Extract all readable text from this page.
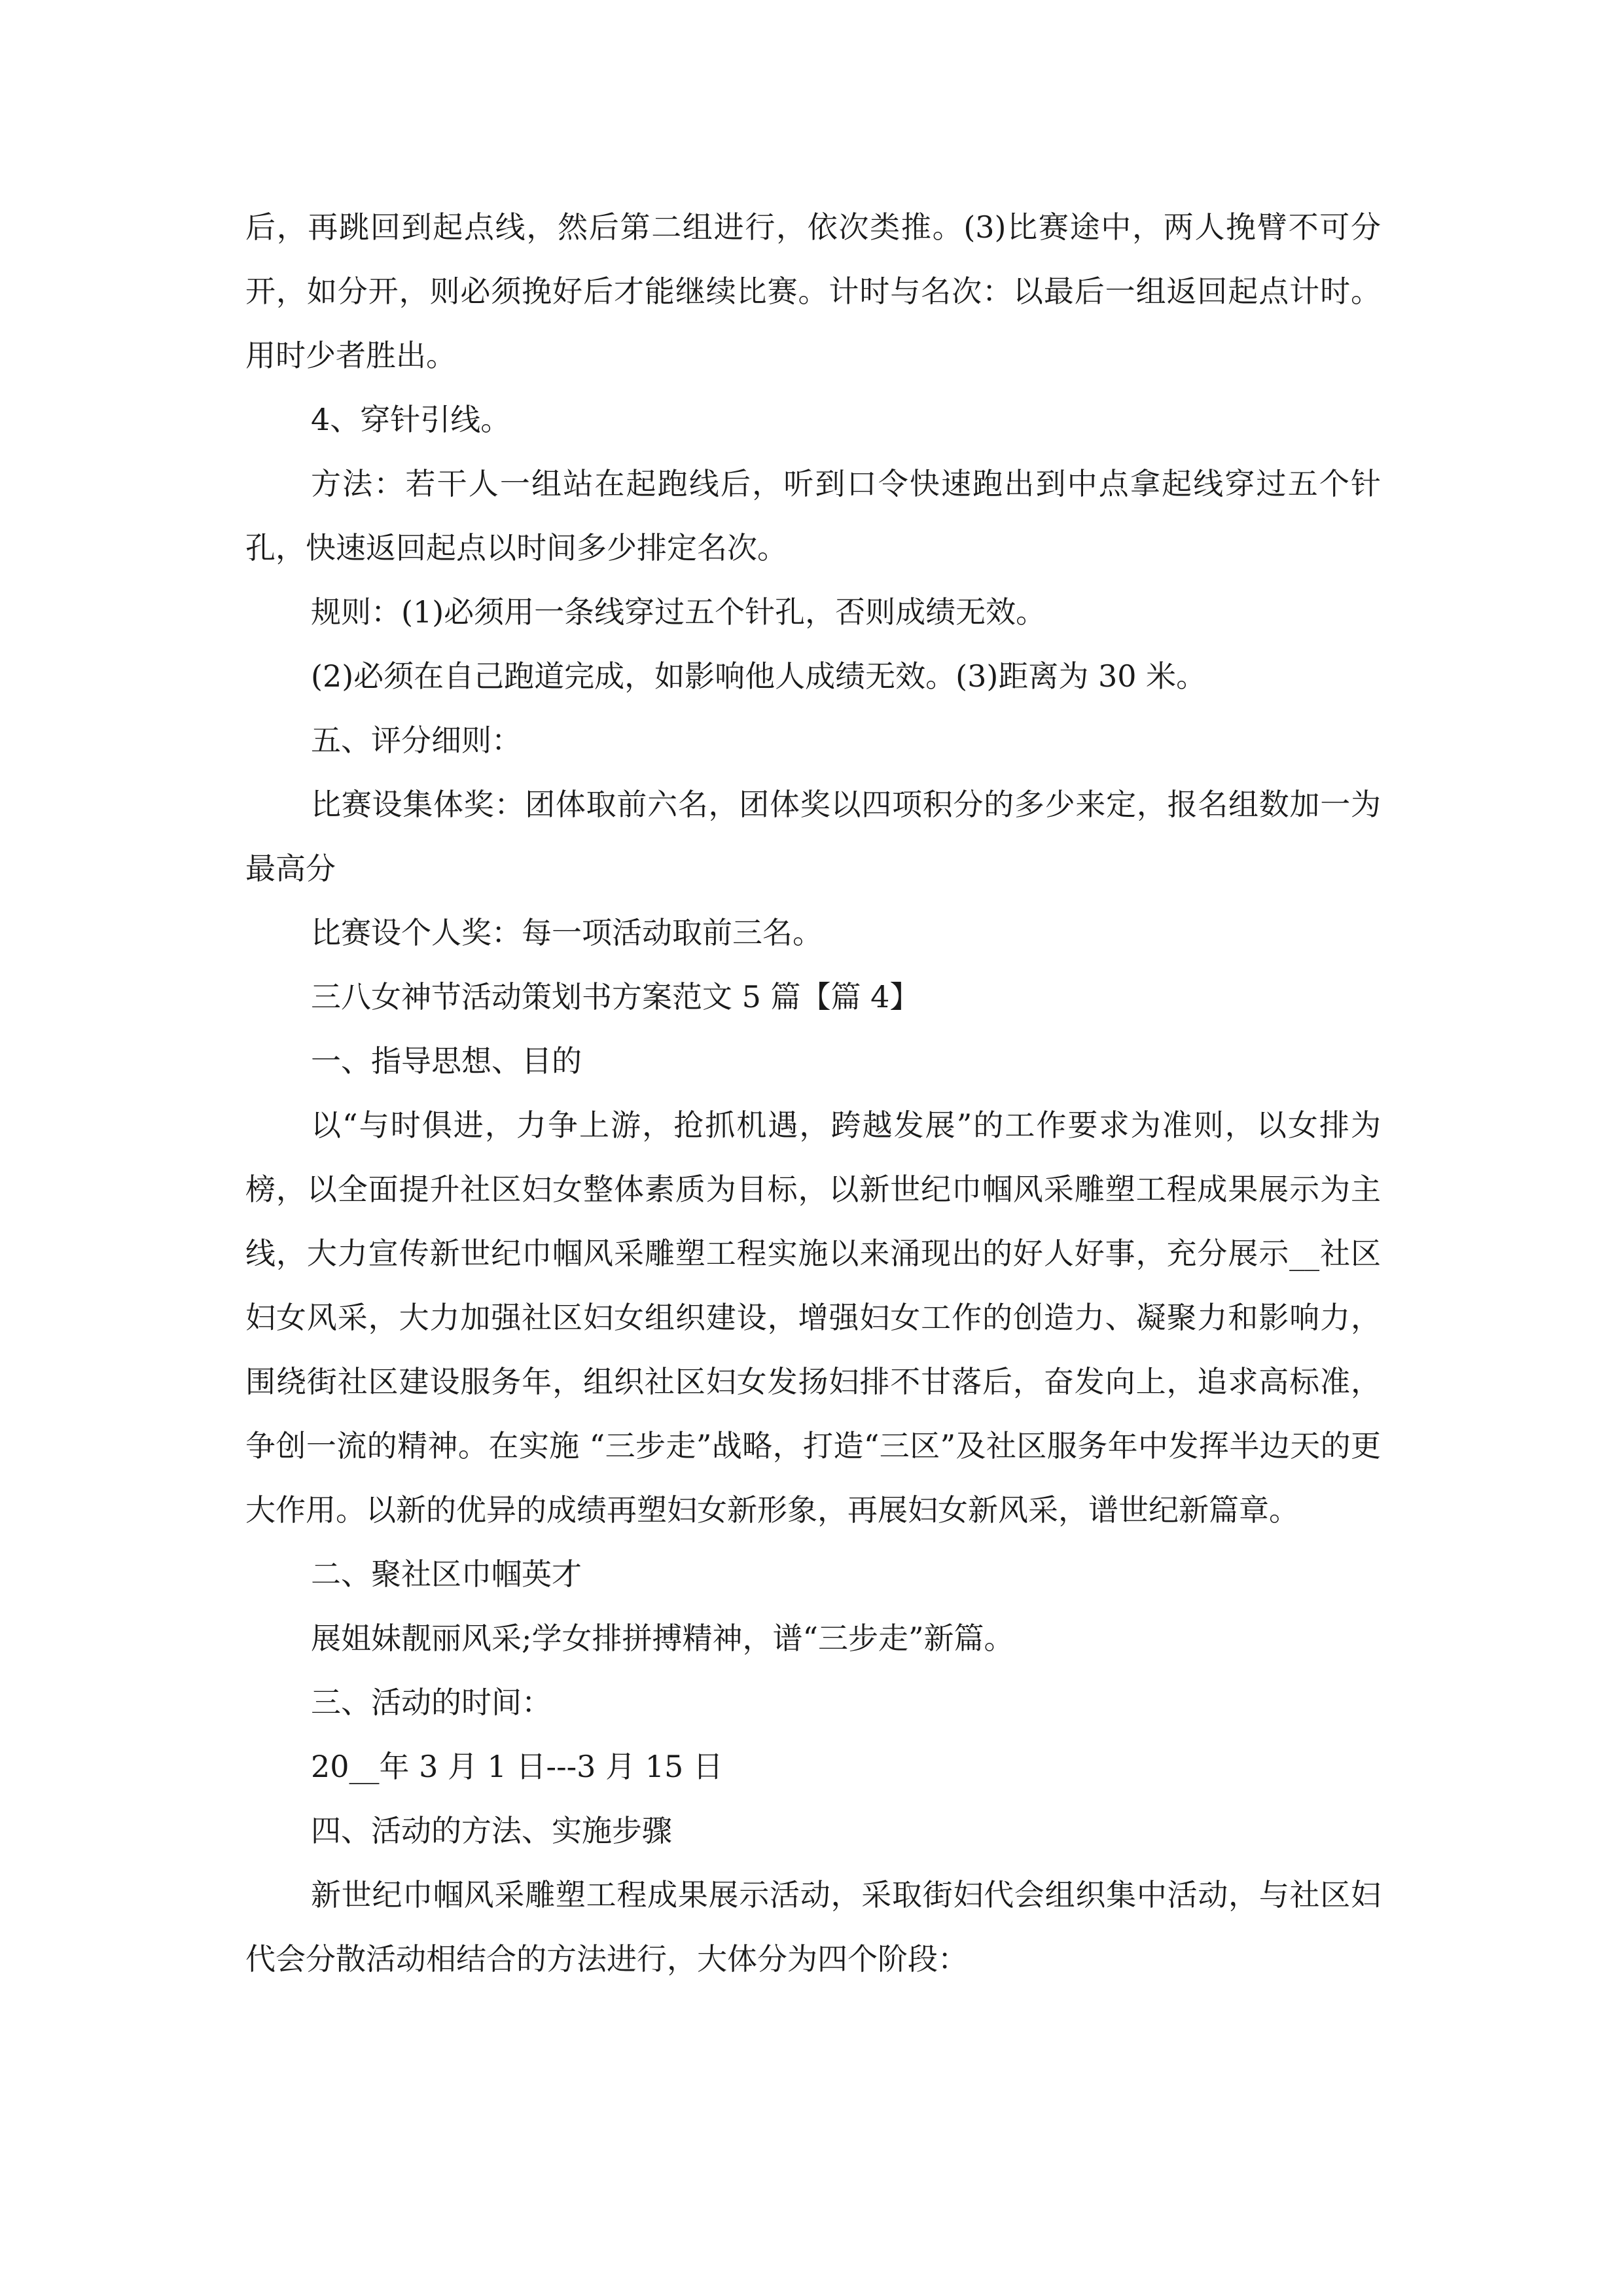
后，再跳回到起点线，然后第二组进行，依次类推。(3)比赛途中，两人挽臂不可分开，如分开，则必须挽好后才能继续比赛。计时与名次：以最后一组返回起点计时。用时少者胜出。

4、穿针引线。

方法：若干人一组站在起跑线后，听到口令快速跑出到中点拿起线穿过五个针孔，快速返回起点以时间多少排定名次。

规则：(1)必须用一条线穿过五个针孔，否则成绩无效。

(2)必须在自己跑道完成，如影响他人成绩无效。(3)距离为 30 米。

五、评分细则：

比赛设集体奖：团体取前六名，团体奖以四项积分的多少来定，报名组数加一为最高分

比赛设个人奖：每一项活动取前三名。

三八女神节活动策划书方案范文 5 篇【篇 4】

一、指导思想、目的

以“与时俱进，力争上游，抢抓机遇，跨越发展”的工作要求为准则，以女排为榜，以全面提升社区妇女整体素质为目标，以新世纪巾帼风采雕塑工程成果展示为主线，大力宣传新世纪巾帼风采雕塑工程实施以来涌现出的好人好事，充分展示__社区妇女风采，大力加强社区妇女组织建设，增强妇女工作的创造力、凝聚力和影响力，围绕街社区建设服务年，组织社区妇女发扬妇排不甘落后，奋发向上，追求高标准，争创一流的精神。在实施 “三步走”战略，打造“三区”及社区服务年中发挥半边天的更大作用。以新的优异的成绩再塑妇女新形象，再展妇女新风采，谱世纪新篇章。

二、聚社区巾帼英才

展姐妹靓丽风采;学女排拼搏精神，谱“三步走”新篇。

三、活动的时间：

20__年 3 月 1 日---3 月 15 日

四、活动的方法、实施步骤

新世纪巾帼风采雕塑工程成果展示活动，采取街妇代会组织集中活动，与社区妇代会分散活动相结合的方法进行，大体分为四个阶段：
